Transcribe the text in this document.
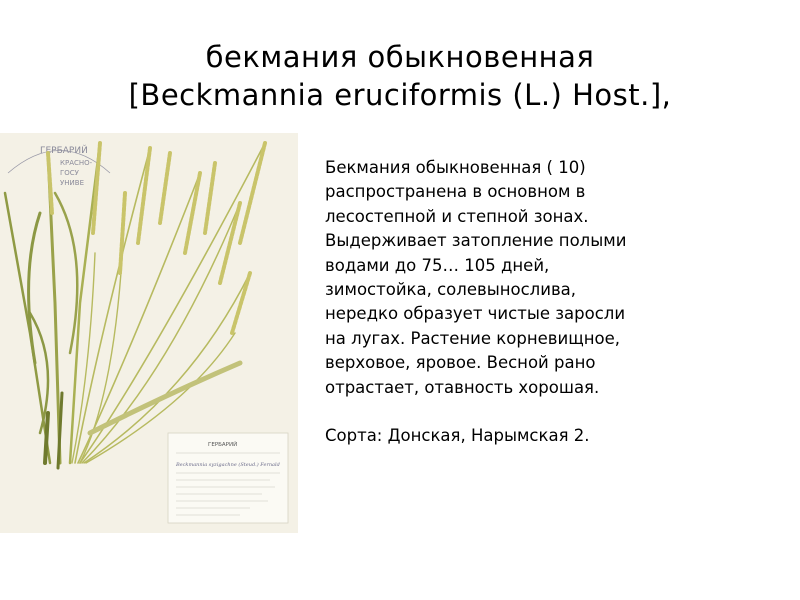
бекмания обыкновенная
[Beckmannia eruciformis (L.) Host.],
ГЕРБАРИЙ
КРАСНО-
ГОСУ
УНИВЕ
ГЕРБАРИЙ
Beckmannia syzigachne (Steud.) Fernald
Бекмания обыкновенная ( 10)
распространена в основном в
лесостепной и степной зонах.
Выдерживает затопление полыми
водами до 75… 105 дней,
зимостойка, солевынослива,
нередко образует чистые заросли
на лугах. Растение корневищное,
верховое, яровое. Весной рано
отрастает, отавность хорошая.
Сорта: Донская, Нарымская 2.
